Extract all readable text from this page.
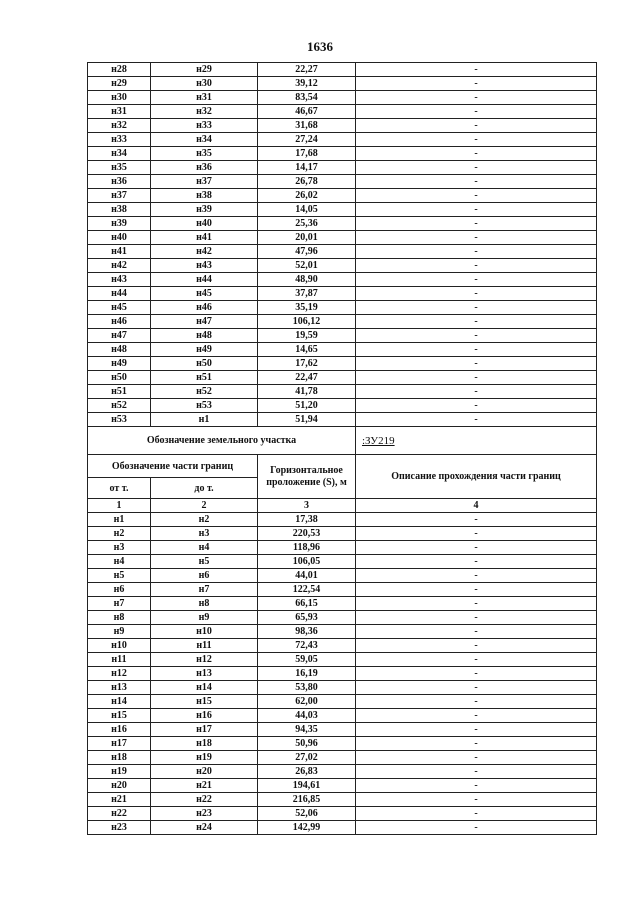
1636
н28	н29	22,27	-
н29	н30	39,12	-
н30	н31	83,54	-
н31	н32	46,67	-
н32	н33	31,68	-
н33	н34	27,24	-
н34	н35	17,68	-
н35	н36	14,17	-
н36	н37	26,78	-
н37	н38	26,02	-
н38	н39	14,05	-
н39	н40	25,36	-
н40	н41	20,01	-
н41	н42	47,96	-
н42	н43	52,01	-
н43	н44	48,90	-
н44	н45	37,87	-
н45	н46	35,19	-
н46	н47	106,12	-
н47	н48	19,59	-
н48	н49	14,65	-
н49	н50	17,62	-
н50	н51	22,47	-
н51	н52	41,78	-
н52	н53	51,20	-
н53	н1	51,94	-
Обозначение земельного участка			:ЗУ219
Обозначение части границ		Горизонтальное проложение (S), м	Описание прохождения части границ
от т.	до т.		
1	2	3	4
н1	н2	17,38	-
н2	н3	220,53	-
н3	н4	118,96	-
н4	н5	106,05	-
н5	н6	44,01	-
н6	н7	122,54	-
н7	н8	66,15	-
н8	н9	65,93	-
н9	н10	98,36	-
н10	н11	72,43	-
н11	н12	59,05	-
н12	н13	16,19	-
н13	н14	53,80	-
н14	н15	62,00	-
н15	н16	44,03	-
н16	н17	94,35	-
н17	н18	50,96	-
н18	н19	27,02	-
н19	н20	26,83	-
н20	н21	194,61	-
н21	н22	216,85	-
н22	н23	52,06	-
н23	н24	142,99	-
